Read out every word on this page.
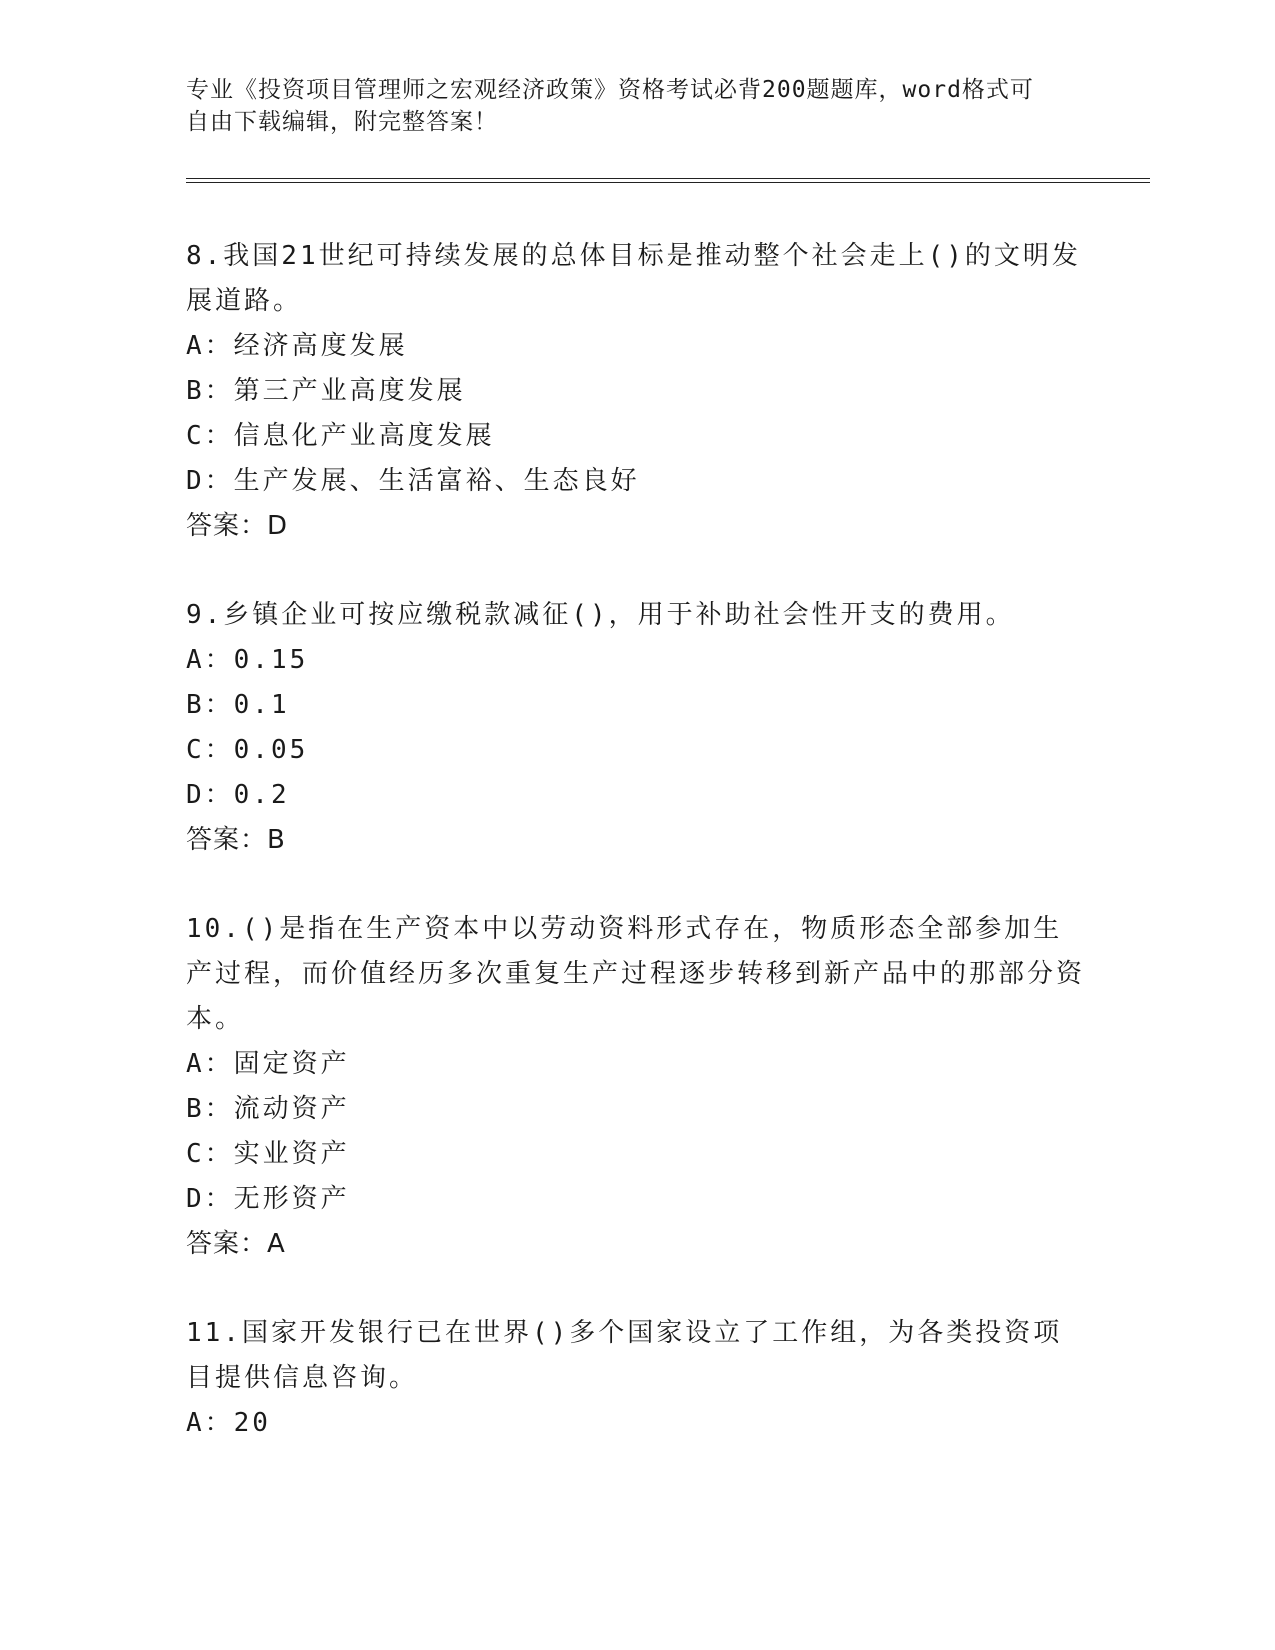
专业《投资项目管理师之宏观经济政策》资格考试必背200题题库，word格式可
自由下载编辑，附完整答案！
8.我国21世纪可持续发展的总体目标是推动整个社会走上()的文明发展道路。
A：经济高度发展
B：第三产业高度发展
C：信息化产业高度发展
D：生产发展、生活富裕、生态良好
答案：D
9.乡镇企业可按应缴税款减征()，用于补助社会性开支的费用。
A：0.15
B：0.1
C：0.05
D：0.2
答案：B
10.()是指在生产资本中以劳动资料形式存在，物质形态全部参加生产过程，而价值经历多次重复生产过程逐步转移到新产品中的那部分资本。
A：固定资产
B：流动资产
C：实业资产
D：无形资产
答案：A
11.国家开发银行已在世界()多个国家设立了工作组，为各类投资项目提供信息咨询。
A：20
